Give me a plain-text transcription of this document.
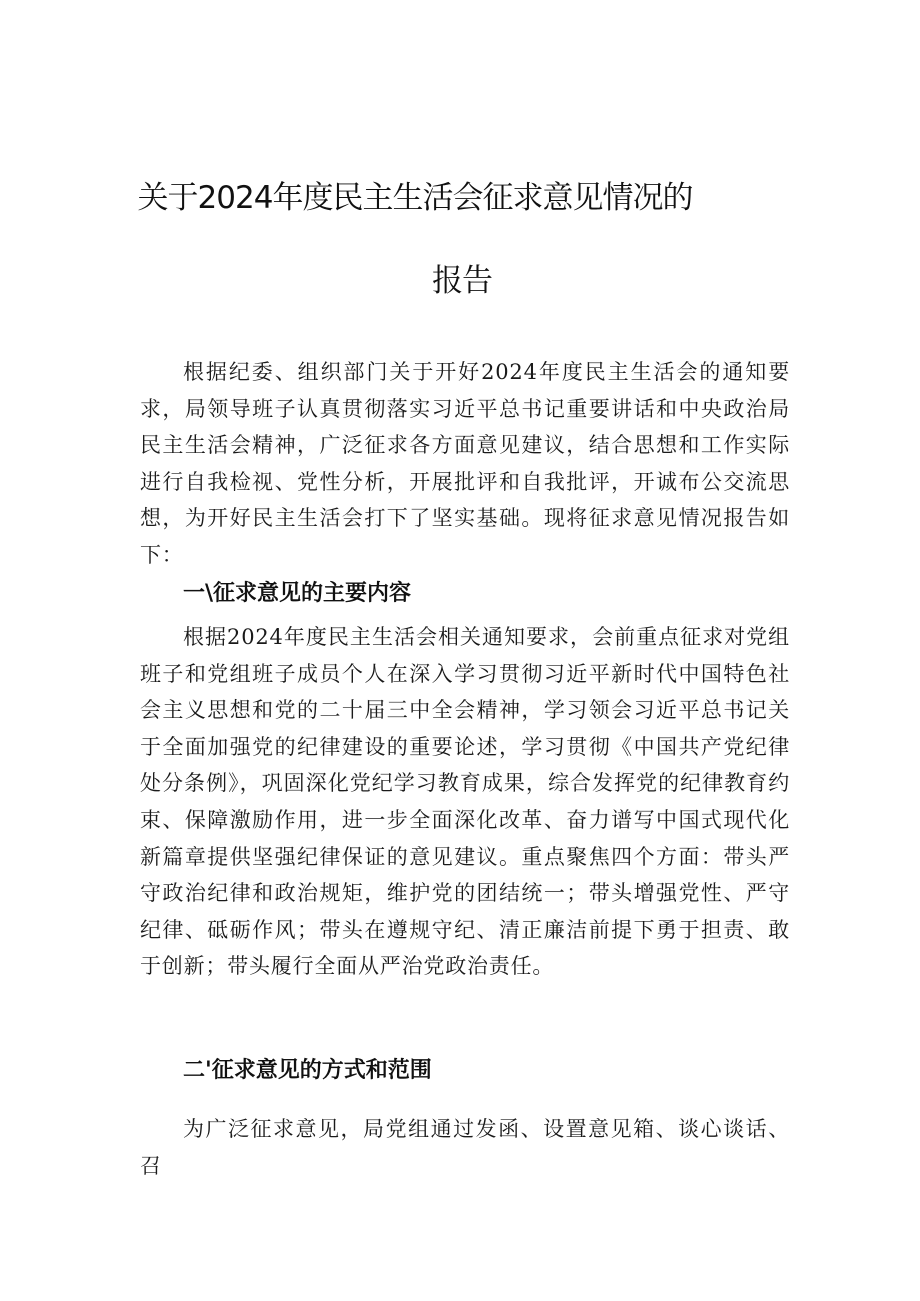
关于2024年度民主生活会征求意见情况的
报告

根据纪委、组织部门关于开好2024年度民主生活会的通知要求，局领导班子认真贯彻落实习近平总书记重要讲话和中央政治局民主生活会精神，广泛征求各方面意见建议，结合思想和工作实际进行自我检视、党性分析，开展批评和自我批评，开诚布公交流思想，为开好民主生活会打下了坚实基础。现将征求意见情况报告如下：

一\征求意见的主要内容

根据2024年度民主生活会相关通知要求，会前重点征求对党组班子和党组班子成员个人在深入学习贯彻习近平新时代中国特色社会主义思想和党的二十届三中全会精神，学习领会习近平总书记关于全面加强党的纪律建设的重要论述，学习贯彻《中国共产党纪律处分条例》，巩固深化党纪学习教育成果，综合发挥党的纪律教育约束、保障激励作用，进一步全面深化改革、奋力谱写中国式现代化新篇章提供坚强纪律保证的意见建议。重点聚焦四个方面：带头严守政治纪律和政治规矩，维护党的团结统一；带头增强党性、严守纪律、砥砺作风；带头在遵规守纪、清正廉洁前提下勇于担责、敢于创新；带头履行全面从严治党政治责任。

二'征求意见的方式和范围

为广泛征求意见，局党组通过发函、设置意见箱、谈心谈话、召
